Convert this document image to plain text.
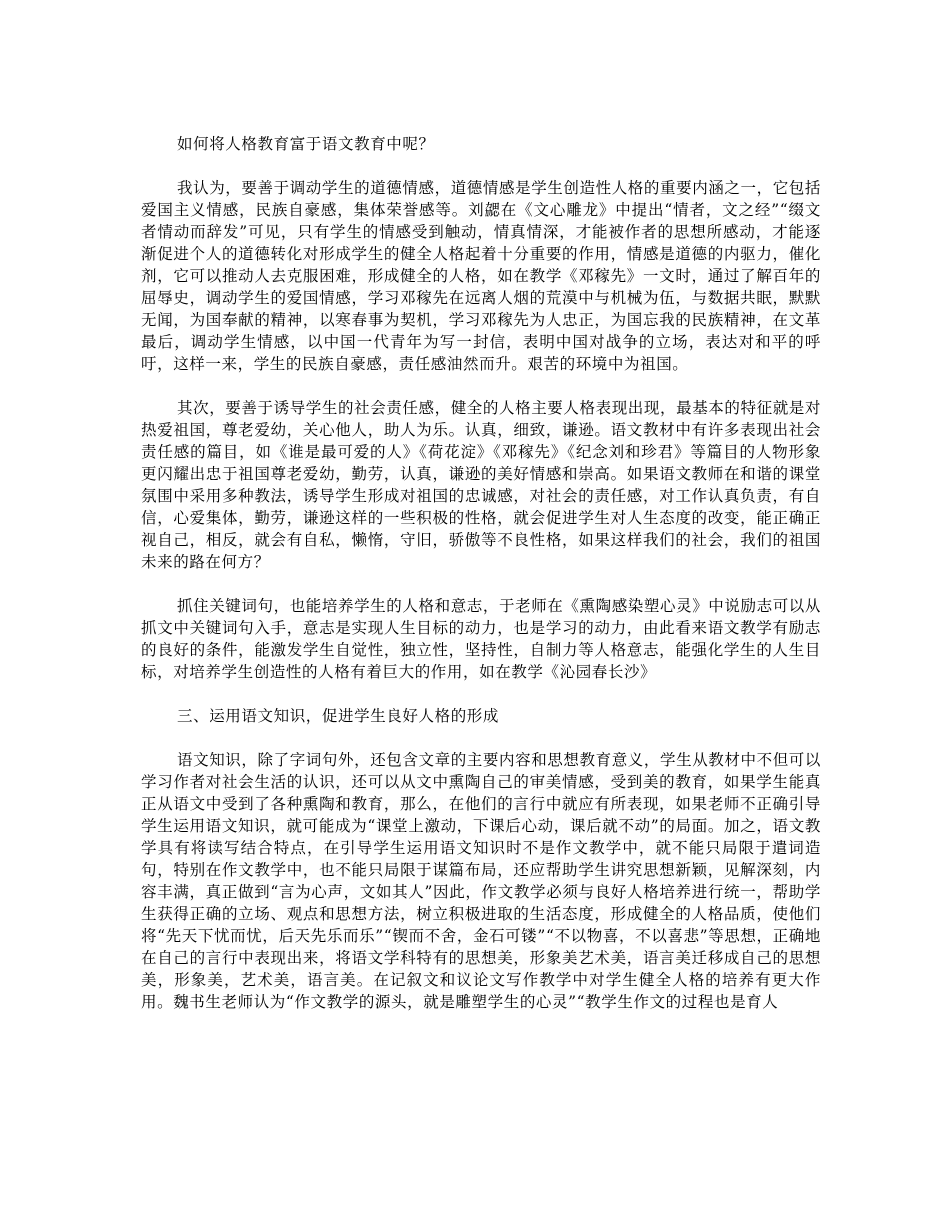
如何将人格教育富于语文教育中呢？

我认为，要善于调动学生的道德情感，道德情感是学生创造性人格的重要内涵之一，它包括爱国主义情感，民族自豪感，集体荣誉感等。刘勰在《文心雕龙》中提出“情者，文之经”“缀文者情动而辞发”可见，只有学生的情感受到触动，情真情深，才能被作者的思想所感动，才能逐渐促进个人的道德转化对形成学生的健全人格起着十分重要的作用，情感是道德的内驱力，催化剂，它可以推动人去克服困难，形成健全的人格，如在教学《邓稼先》一文时，通过了解百年的屈辱史，调动学生的爱国情感，学习邓稼先在远离人烟的荒漠中与机械为伍，与数据共眠，默默无闻，为国奉献的精神，以寒春事为契机，学习邓稼先为人忠正，为国忘我的民族精神，在文革最后，调动学生情感，以中国一代青年为写一封信，表明中国对战争的立场，表达对和平的呼吁，这样一来，学生的民族自豪感，责任感油然而升。艰苦的环境中为祖国。

其次，要善于诱导学生的社会责任感，健全的人格主要人格表现出现，最基本的特征就是对热爱祖国，尊老爱幼，关心他人，助人为乐。认真，细致，谦逊。语文教材中有许多表现出社会责任感的篇目，如《谁是最可爱的人》《荷花淀》《邓稼先》《纪念刘和珍君》等篇目的人物形象更闪耀出忠于祖国尊老爱幼，勤劳，认真，谦逊的美好情感和崇高。如果语文教师在和谐的课堂氛围中采用多种教法，诱导学生形成对祖国的忠诚感，对社会的责任感，对工作认真负责，有自信，心爱集体，勤劳，谦逊这样的一些积极的性格，就会促进学生对人生态度的改变，能正确正视自己，相反，就会有自私，懒惰，守旧，骄傲等不良性格，如果这样我们的社会，我们的祖国未来的路在何方？

抓住关键词句，也能培养学生的人格和意志，于老师在《熏陶感染塑心灵》中说励志可以从抓文中关键词句入手，意志是实现人生目标的动力，也是学习的动力，由此看来语文教学有励志的良好的条件，能激发学生自觉性，独立性，坚持性，自制力等人格意志，能强化学生的人生目标，对培养学生创造性的人格有着巨大的作用，如在教学《沁园春长沙》

三、运用语文知识，促进学生良好人格的形成

语文知识，除了字词句外，还包含文章的主要内容和思想教育意义，学生从教材中不但可以学习作者对社会生活的认识，还可以从文中熏陶自己的审美情感，受到美的教育，如果学生能真正从语文中受到了各种熏陶和教育，那么，在他们的言行中就应有所表现，如果老师不正确引导学生运用语文知识，就可能成为“课堂上激动，下课后心动，课后就不动”的局面。加之，语文教学具有将读写结合特点，在引导学生运用语文知识时不是作文教学中，就不能只局限于遣词造句，特别在作文教学中，也不能只局限于谋篇布局，还应帮助学生讲究思想新颖，见解深刻，内容丰满，真正做到“言为心声，文如其人”因此，作文教学必须与良好人格培养进行统一，帮助学生获得正确的立场、观点和思想方法，树立积极进取的生活态度，形成健全的人格品质，使他们将“先天下忧而忧，后天先乐而乐”“锲而不舍，金石可镂”“不以物喜，不以喜悲”等思想，正确地在自己的言行中表现出来，将语文学科特有的思想美，形象美艺术美，语言美迁移成自己的思想美，形象美，艺术美，语言美。在记叙文和议论文写作教学中对学生健全人格的培养有更大作用。魏书生老师认为“作文教学的源头，就是雕塑学生的心灵”“教学生作文的过程也是育人
